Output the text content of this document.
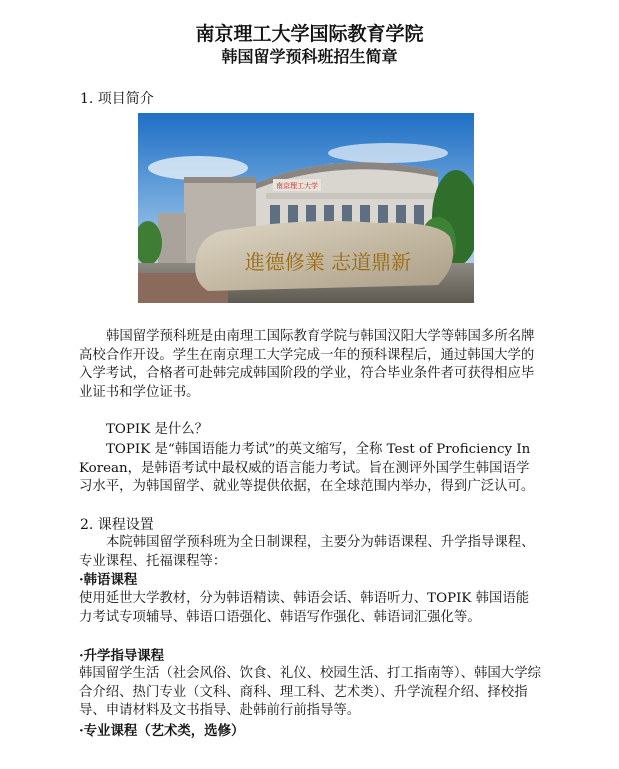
南京理工大学国际教育学院
韩国留学预科班招生简章
1. 项目简介
南京理工大学
進德修業 志道鼎新
韩国留学预科班是由南理工国际教育学院与韩国汉阳大学等韩国多所名牌高校合作开设。学生在南京理工大学完成一年的预科课程后，通过韩国大学的入学考试，合格者可赴韩完成韩国阶段的学业，符合毕业条件者可获得相应毕业证书和学位证书。
TOPIK 是什么？
TOPIK 是“韩国语能力考试”的英文缩写，全称 Test of Proficiency In Korean，是韩语考试中最权威的语言能力考试。旨在测评外国学生韩国语学习水平，为韩国留学、就业等提供依据，在全球范围内举办，得到广泛认可。
2. 课程设置
本院韩国留学预科班为全日制课程，主要分为韩语课程、升学指导课程、专业课程、托福课程等：
·韩语课程
使用延世大学教材，分为韩语精读、韩语会话、韩语听力、TOPIK 韩国语能力考试专项辅导、韩语口语强化、韩语写作强化、韩语词汇强化等。
·升学指导课程
韩国留学生活（社会风俗、饮食、礼仪、校园生活、打工指南等）、韩国大学综合介绍、热门专业（文科、商科、理工科、艺术类）、升学流程介绍、择校指导、申请材料及文书指导、赴韩前行前指导等。
·专业课程（艺术类，选修）
